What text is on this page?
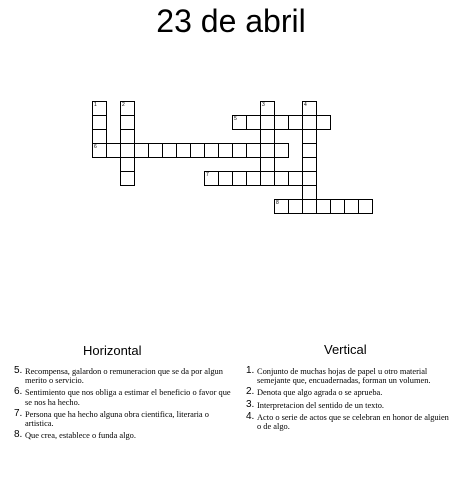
23 de abril
1
6
2	3	4
5
7
8
Horizontal	Vertical
5. Recompensa, galardon o remuneracion que se da por algun merito o servicio.
6. Sentimiento que nos obliga a estimar el beneficio o favor que se nos ha hecho.
7. Persona que ha hecho alguna obra cientifica, literaria o artistica.
8. Que crea, establece o funda algo.
1. Conjunto de muchas hojas de papel u otro material semejante que, encuadernadas, forman un volumen.
2. Denota que algo agrada o se aprueba.
3. Interpretacion del sentido de un texto.
4. Acto o serie de actos que se celebran en honor de alguien o de algo.
